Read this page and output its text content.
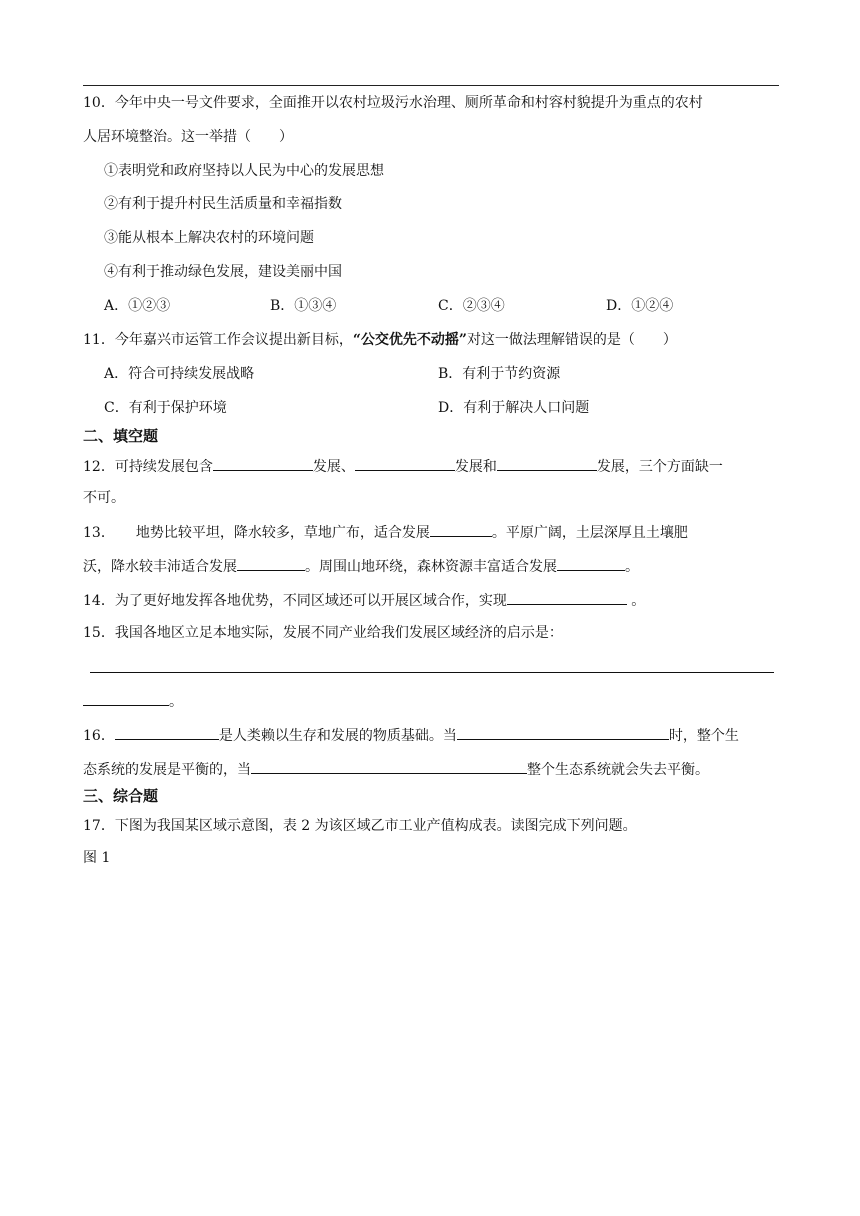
10．今年中央一号文件要求，全面推开以农村垃圾污水治理、厕所革命和村容村貌提升为重点的农村
人居环境整治。这一举措（　　）
①表明党和政府坚持以人民为中心的发展思想
②有利于提升村民生活质量和幸福指数
③能从根本上解决农村的环境问题
④有利于推动绿色发展，建设美丽中国
A．①②③	B．①③④	C．②③④	D．①②④
11．今年嘉兴市运管工作会议提出新目标，“公交优先不动摇”对这一做法理解错误的是（　　）
A．符合可持续发展战略	B．有利于节约资源
C．有利于保护环境	D．有利于解决人口问题
二、填空题
12．可持续发展包含	发展、	发展和	发展，三个方面缺一
不可。
13．　　地势比较平坦，降水较多，草地广布，适合发展	。平原广阔，土层深厚且土壤肥
沃，降水较丰沛适合发展	。周围山地环绕，森林资源丰富适合发展	。
14．为了更好地发挥各地优势，不同区域还可以开展区域合作，实现	。
15．我国各地区立足本地实际，发展不同产业给我们发展区域经济的启示是：
。
16．	是人类赖以生存和发展的物质基础。当	时，整个生
态系统的发展是平衡的，当	整个生态系统就会失去平衡。
三、综合题
17．下图为我国某区域示意图，表 2 为该区域乙市工业产值构成表。读图完成下列问题。
图 1
